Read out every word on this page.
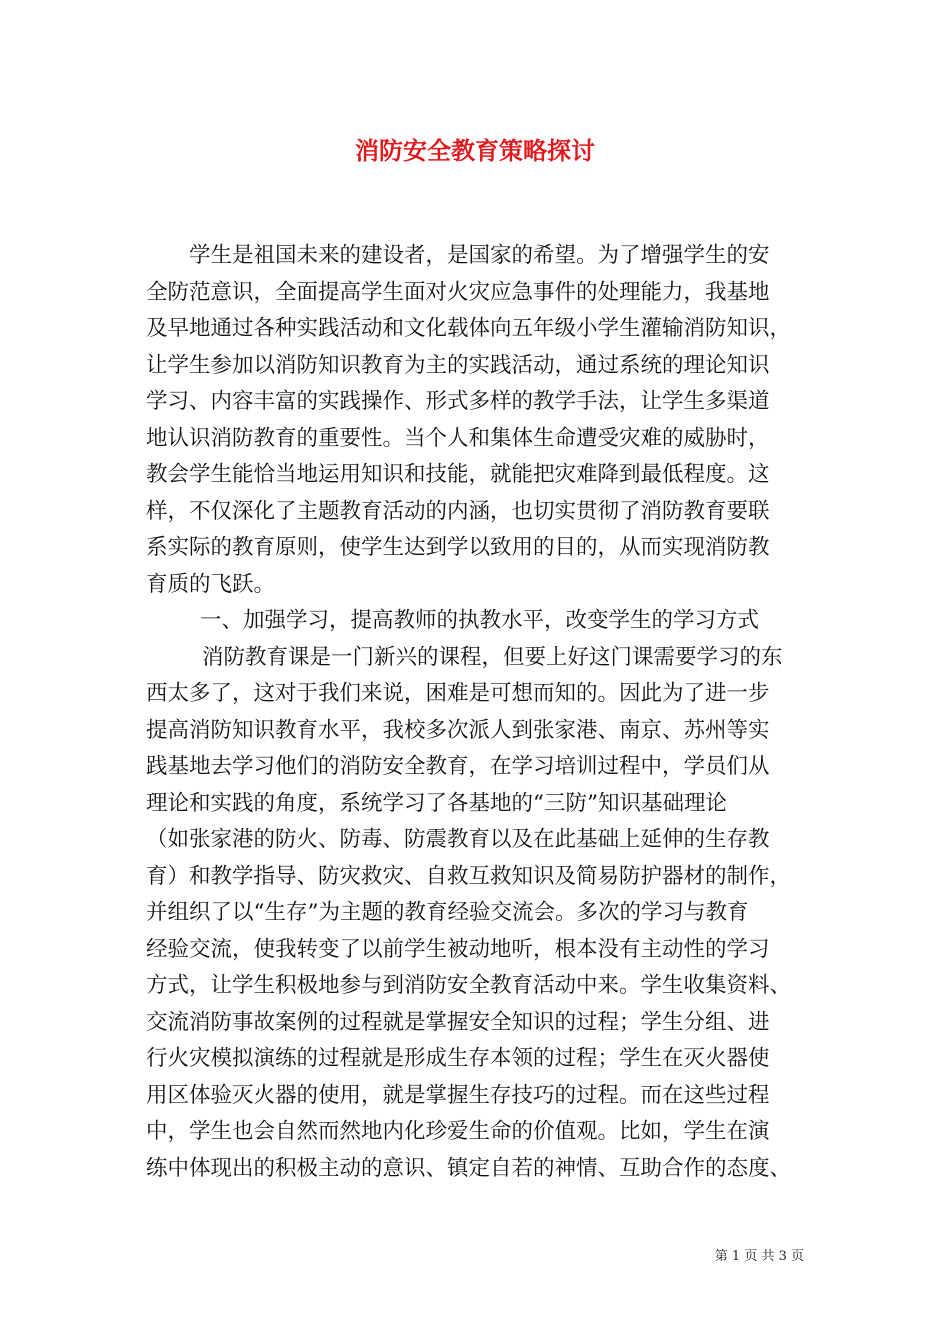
消防安全教育策略探讨
学生是祖国未来的建设者，是国家的希望。为了增强学生的安
全防范意识，全面提高学生面对火灾应急事件的处理能力，我基地
及早地通过各种实践活动和文化载体向五年级小学生灌输消防知识，
让学生参加以消防知识教育为主的实践活动，通过系统的理论知识
学习、内容丰富的实践操作、形式多样的教学手法，让学生多渠道
地认识消防教育的重要性。当个人和集体生命遭受灾难的威胁时，
教会学生能恰当地运用知识和技能，就能把灾难降到最低程度。这
样，不仅深化了主题教育活动的内涵，也切实贯彻了消防教育要联
系实际的教育原则，使学生达到学以致用的目的，从而实现消防教
育质的飞跃。
一、加强学习，提高教师的执教水平，改变学生的学习方式
消防教育课是一门新兴的课程，但要上好这门课需要学习的东
西太多了，这对于我们来说，困难是可想而知的。因此为了进一步
提高消防知识教育水平，我校多次派人到张家港、南京、苏州等实
践基地去学习他们的消防安全教育，在学习培训过程中，学员们从
理论和实践的角度，系统学习了各基地的“三防”知识基础理论
（如张家港的防火、防毒、防震教育以及在此基础上延伸的生存教
育）和教学指导、防灾救灾、自救互救知识及简易防护器材的制作，
并组织了以“生存”为主题的教育经验交流会。多次的学习与教育
经验交流，使我转变了以前学生被动地听，根本没有主动性的学习
方式，让学生积极地参与到消防安全教育活动中来。学生收集资料、
交流消防事故案例的过程就是掌握安全知识的过程；学生分组、进
行火灾模拟演练的过程就是形成生存本领的过程；学生在灭火器使
用区体验灭火器的使用，就是掌握生存技巧的过程。而在这些过程
中，学生也会自然而然地内化珍爱生命的价值观。比如，学生在演
练中体现出的积极主动的意识、镇定自若的神情、互助合作的态度、
第 1 页 共 3 页
